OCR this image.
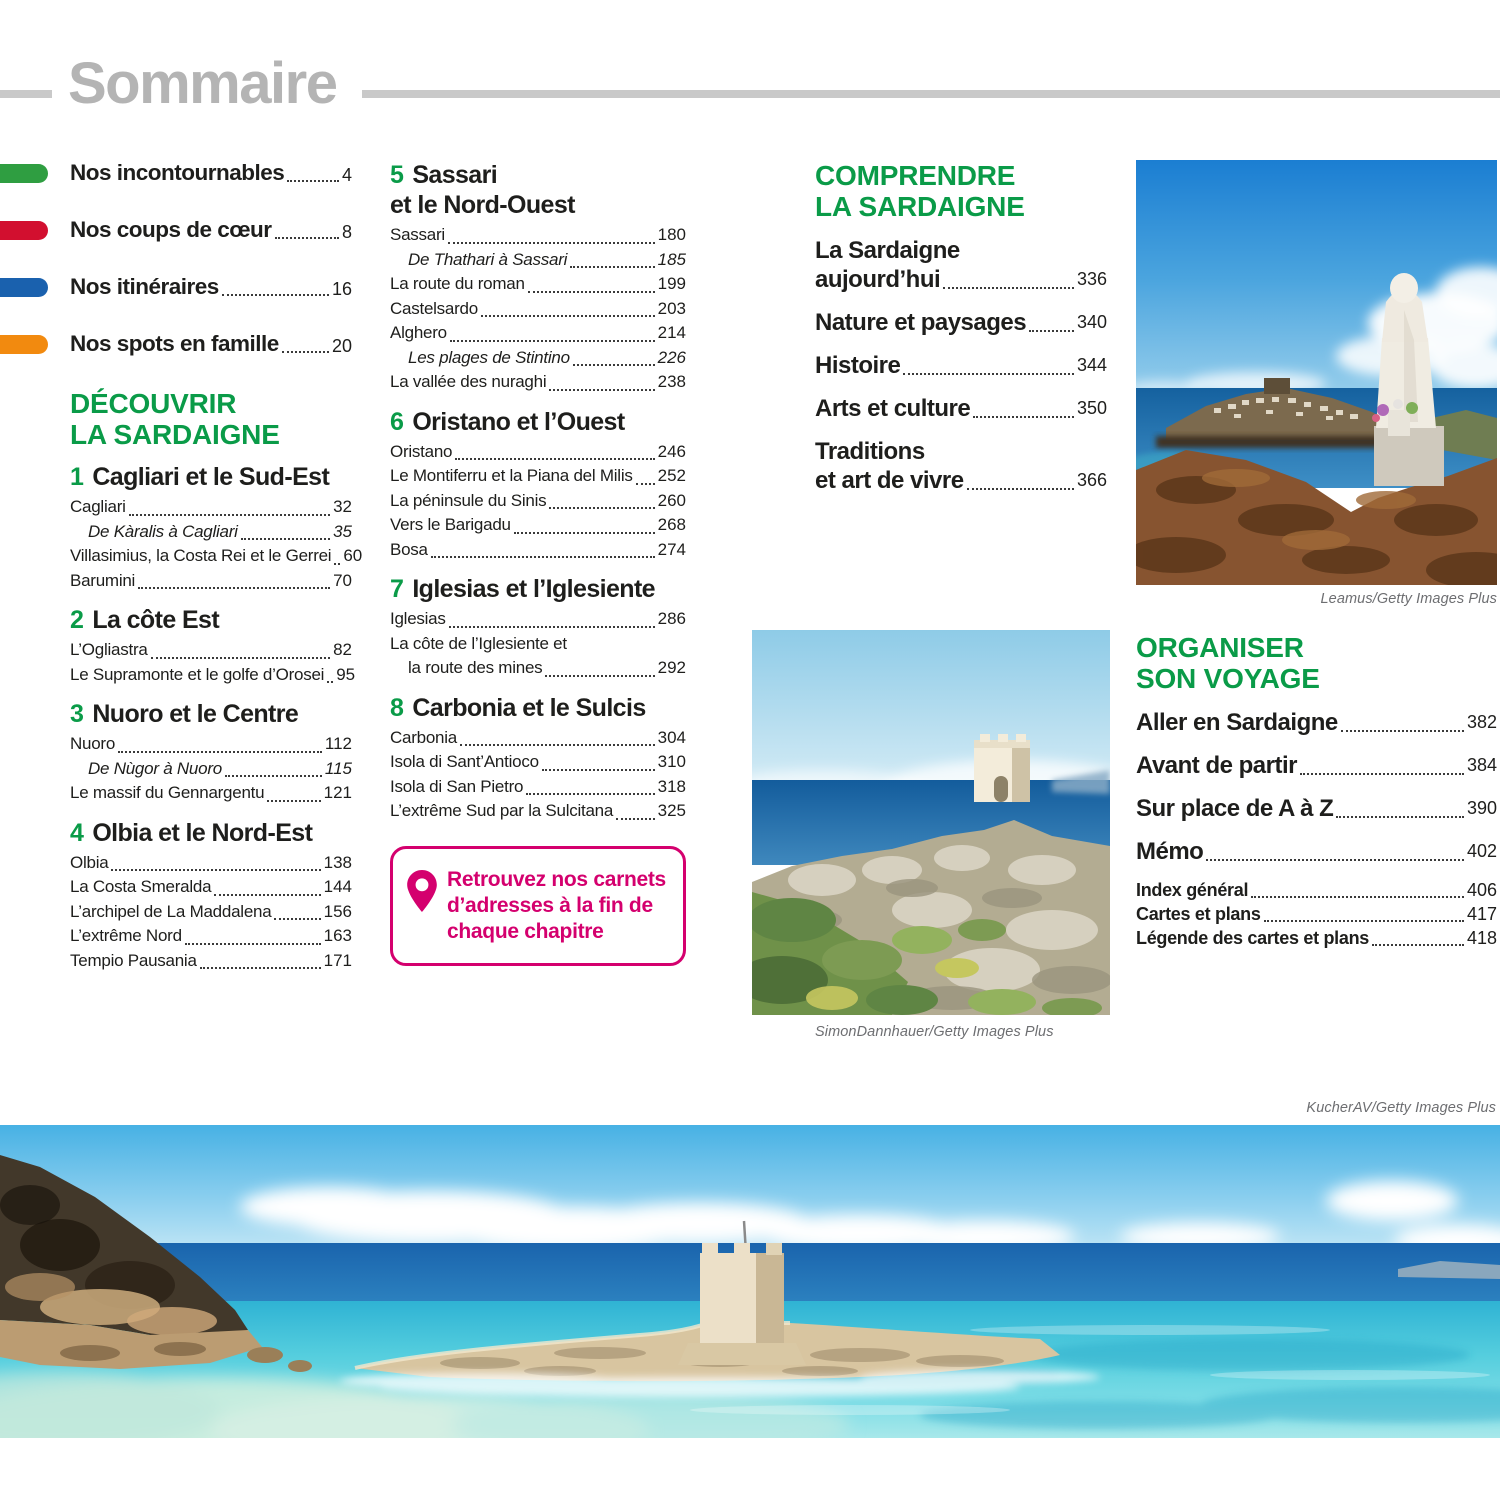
Sommaire
Nos incontournables	4
Nos coups de cœur	8
Nos itinéraires	16
Nos spots en famille	20
DÉCOUVRIR
LA SARDAIGNE
1 Cagliari et le Sud-Est
Cagliari	32
De Kàralis à Cagliari	35
Villasimius, la Costa Rei et le Gerrei 60
Barumini	70
2 La côte Est
L’Ogliastra	82
Le Supramonte et le golfe d’Orosei 95
3 Nuoro et le Centre
Nuoro	112
De Nùgor à Nuoro	115
Le massif du Gennargentu	121
4 Olbia et le Nord-Est
Olbia	138
La Costa Smeralda	144
L’archipel de La Maddalena	156
L’extrême Nord	163
Tempio Pausania	171
5 Sassari
et le Nord-Ouest
Sassari	180
De Thathari à Sassari	185
La route du roman	199
Castelsardo	203
Alghero	214
Les plages de Stintino	226
La vallée des nuraghi	238
6 Oristano et l’Ouest
Oristano	246
Le Montiferru et la Piana del Milis 252
La péninsule du Sinis	260
Vers le Barigadu	268
Bosa	274
7 Iglesias et l’Iglesiente
Iglesias	286
La côte de l’Iglesiente et
la route des mines	292
8 Carbonia et le Sulcis
Carbonia	304
Isola di Sant’Antioco	310
Isola di San Pietro	318
L’extrême Sud par la Sulcitana	325
Retrouvez nos carnets d’adresses à la fin de chaque chapitre
COMPRENDRE
LA SARDAIGNE
La Sardaigne
aujourd’hui	336
Nature et paysages	340
Histoire	344
Arts et culture	350
Traditions
et art de vivre	366
ORGANISER
SON VOYAGE
Aller en Sardaigne	382
Avant de partir	384
Sur place de A à Z	390
Mémo	402
Index général	406
Cartes et plans	417
Légende des cartes et plans	418
Leamus/Getty Images Plus
SimonDannhauer/Getty Images Plus
KucherAV/Getty Images Plus
